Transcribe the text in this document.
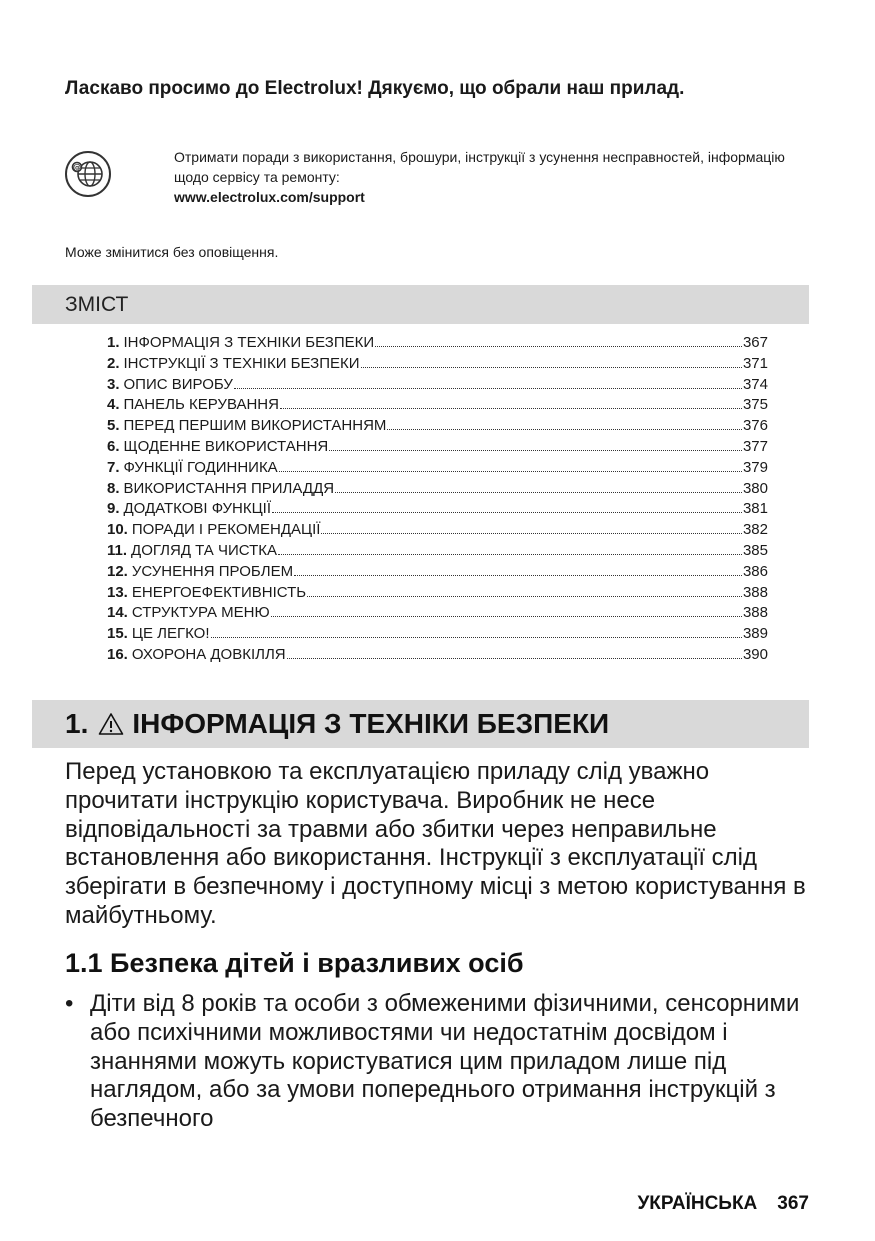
Ласкаво просимо до Electrolux! Дякуємо, що обрали наш прилад.

@
Отримати поради з використання, брошури, інструкції з усунення несправностей, інформацію щодо сервісу та ремонту:
www.electrolux.com/support
Може змінитися без оповіщення.
ЗМІСТ
1. ІНФОРМАЦІЯ З ТЕХНІКИ БЕЗПЕКИ	367
2. ІНСТРУКЦІЇ З ТЕХНІКИ БЕЗПЕКИ	371
3. ОПИС ВИРОБУ	374
4. ПАНЕЛЬ КЕРУВАННЯ	375
5. ПЕРЕД ПЕРШИМ ВИКОРИСТАННЯМ	376
6. ЩОДЕННЕ ВИКОРИСТАННЯ	377
7. ФУНКЦІЇ ГОДИННИКА	379
8. ВИКОРИСТАННЯ ПРИЛАДДЯ	380
9. ДОДАТКОВІ ФУНКЦІЇ	381
10. ПОРАДИ І РЕКОМЕНДАЦІЇ	382
11. ДОГЛЯД ТА ЧИСТКА	385
12. УСУНЕННЯ ПРОБЛЕМ	386
13. ЕНЕРГОЕФЕКТИВНІСТЬ	388
14. СТРУКТУРА МЕНЮ	388
15. ЦЕ ЛЕГКО!	389
16. ОХОРОНА ДОВКІЛЛЯ	390
1. ІНФОРМАЦІЯ З ТЕХНІКИ БЕЗПЕКИ

Перед установкою та експлуатацією приладу слід уважно прочитати інструкцію користувача. Виробник не несе відповідальності за травми або збитки через неправильне встановлення або використання. Інструкції з експлуатації слід зберігати в безпечному і доступному місці з метою користування в майбутньому.

1.1 Безпека дітей і вразливих осіб
• Діти від 8 років та особи з обмеженими фізичними, сенсорними або психічними можливостями чи недостатнім досвідом і знаннями можуть користуватися цим приладом лише під наглядом, або за умови попереднього отримання інструкцій з безпечного

УКРАЇНСЬКА 367
